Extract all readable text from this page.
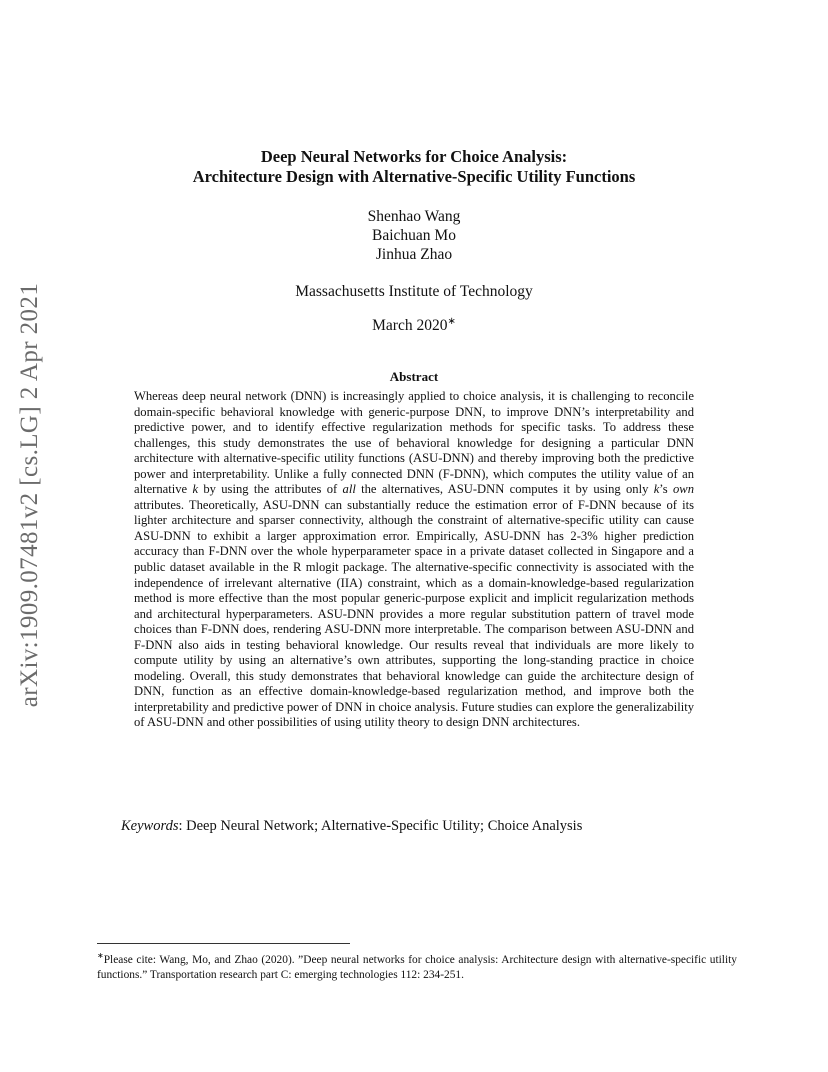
arXiv:1909.07481v2 [cs.LG] 2 Apr 2021
Deep Neural Networks for Choice Analysis:
Architecture Design with Alternative-Specific Utility Functions
Shenhao Wang
Baichuan Mo
Jinhua Zhao
Massachusetts Institute of Technology
March 2020∗
Abstract
Whereas deep neural network (DNN) is increasingly applied to choice analysis, it is challenging to reconcile domain-specific behavioral knowledge with generic-purpose DNN, to improve DNN’s interpretability and predictive power, and to identify effective regularization methods for specific tasks. To address these challenges, this study demonstrates the use of behavioral knowledge for designing a particular DNN architecture with alternative-specific utility functions (ASU-DNN) and thereby improving both the predictive power and interpretability. Unlike a fully connected DNN (F-DNN), which computes the utility value of an alternative k by using the attributes of all the alternatives, ASU-DNN computes it by using only k’s own attributes. Theoretically, ASU-DNN can substantially reduce the estimation error of F-DNN because of its lighter architecture and sparser connectivity, although the constraint of alternative-specific utility can cause ASU-DNN to exhibit a larger approximation error. Empirically, ASU-DNN has 2-3% higher prediction accuracy than F-DNN over the whole hyperparameter space in a private dataset collected in Singapore and a public dataset available in the R mlogit package. The alternative-specific connectivity is associated with the independence of irrelevant alternative (IIA) constraint, which as a domain-knowledge-based regularization method is more effective than the most popular generic-purpose explicit and implicit regularization methods and architectural hyperparameters. ASU-DNN provides a more regular substitution pattern of travel mode choices than F-DNN does, rendering ASU-DNN more interpretable. The comparison between ASU-DNN and F-DNN also aids in testing behavioral knowledge. Our results reveal that individuals are more likely to compute utility by using an alternative’s own attributes, supporting the long-standing practice in choice modeling. Overall, this study demonstrates that behavioral knowledge can guide the architecture design of DNN, function as an effective domain-knowledge-based regularization method, and improve both the interpretability and predictive power of DNN in choice analysis. Future studies can explore the generalizability of ASU-DNN and other possibilities of using utility theory to design DNN architectures.
Keywords: Deep Neural Network; Alternative-Specific Utility; Choice Analysis
∗Please cite: Wang, Mo, and Zhao (2020). ”Deep neural networks for choice analysis: Architecture design with alternative-specific utility functions.” Transportation research part C: emerging technologies 112: 234-251.
